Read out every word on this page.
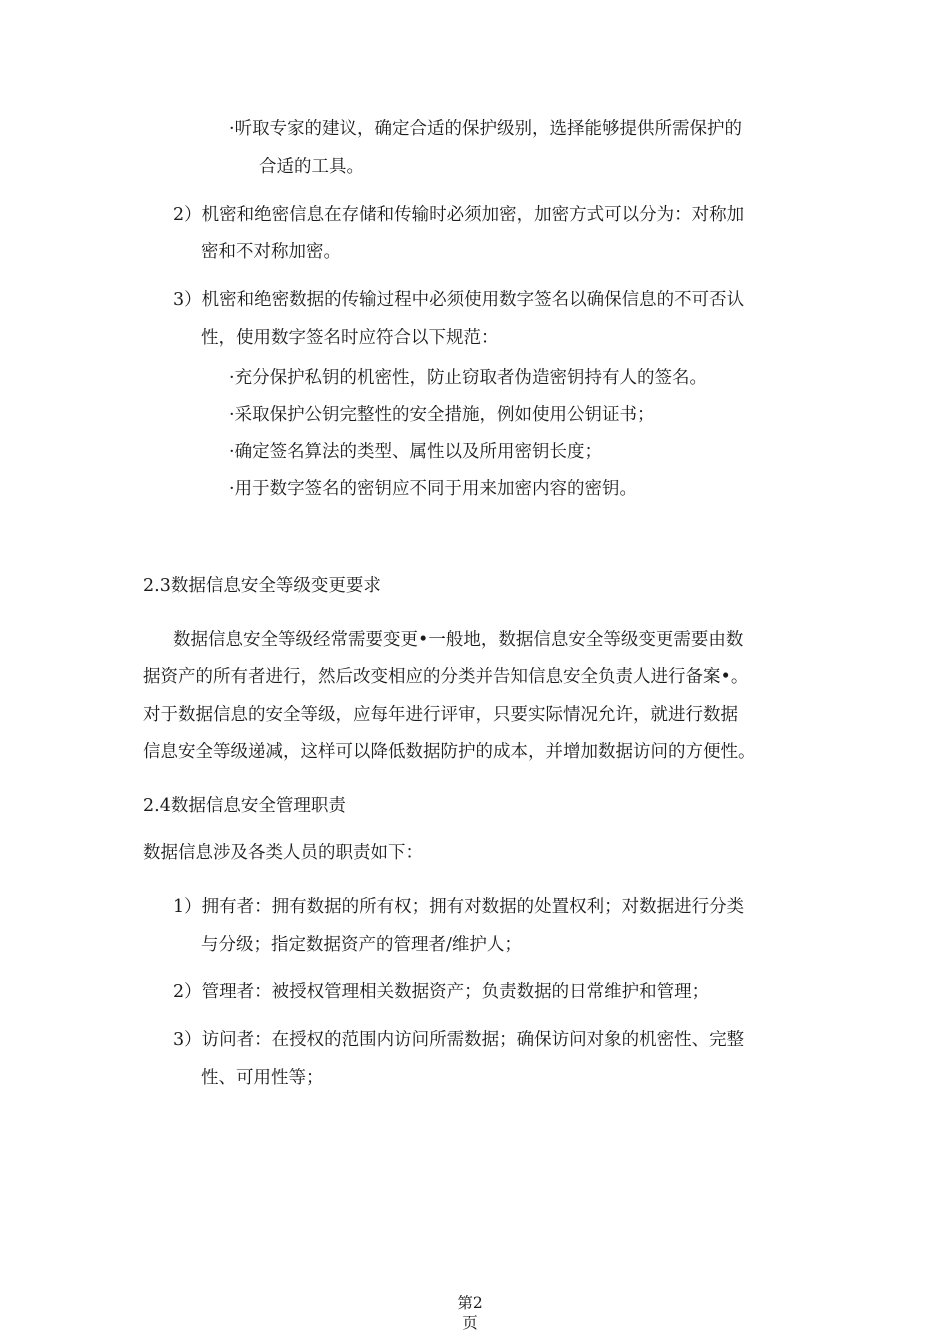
·听取专家的建议，确定合适的保护级别，选择能够提供所需保护的
合适的工具。
2）机密和绝密信息在存储和传输时必须加密，加密方式可以分为：对称加
密和不对称加密。
3）机密和绝密数据的传输过程中必须使用数字签名以确保信息的不可否认
性，使用数字签名时应符合以下规范：
·充分保护私钥的机密性，防止窃取者伪造密钥持有人的签名。
·采取保护公钥完整性的安全措施，例如使用公钥证书；
·确定签名算法的类型、属性以及所用密钥长度；
·用于数字签名的密钥应不同于用来加密内容的密钥。
2.3数据信息安全等级变更要求
数据信息安全等级经常需要变更•一般地，数据信息安全等级变更需要由数
据资产的所有者进行，然后改变相应的分类并告知信息安全负责人进行备案•。
对于数据信息的安全等级，应每年进行评审，只要实际情况允许，就进行数据
信息安全等级递减，这样可以降低数据防护的成本，并增加数据访问的方便性。
2.4数据信息安全管理职责
数据信息涉及各类人员的职责如下：
1）拥有者：拥有数据的所有权；拥有对数据的处置权利；对数据进行分类
与分级；指定数据资产的管理者/维护人；
2）管理者：被授权管理相关数据资产；负责数据的日常维护和管理；
3）访问者：在授权的范围内访问所需数据；确保访问对象的机密性、完整
性、可用性等；
第2
页
